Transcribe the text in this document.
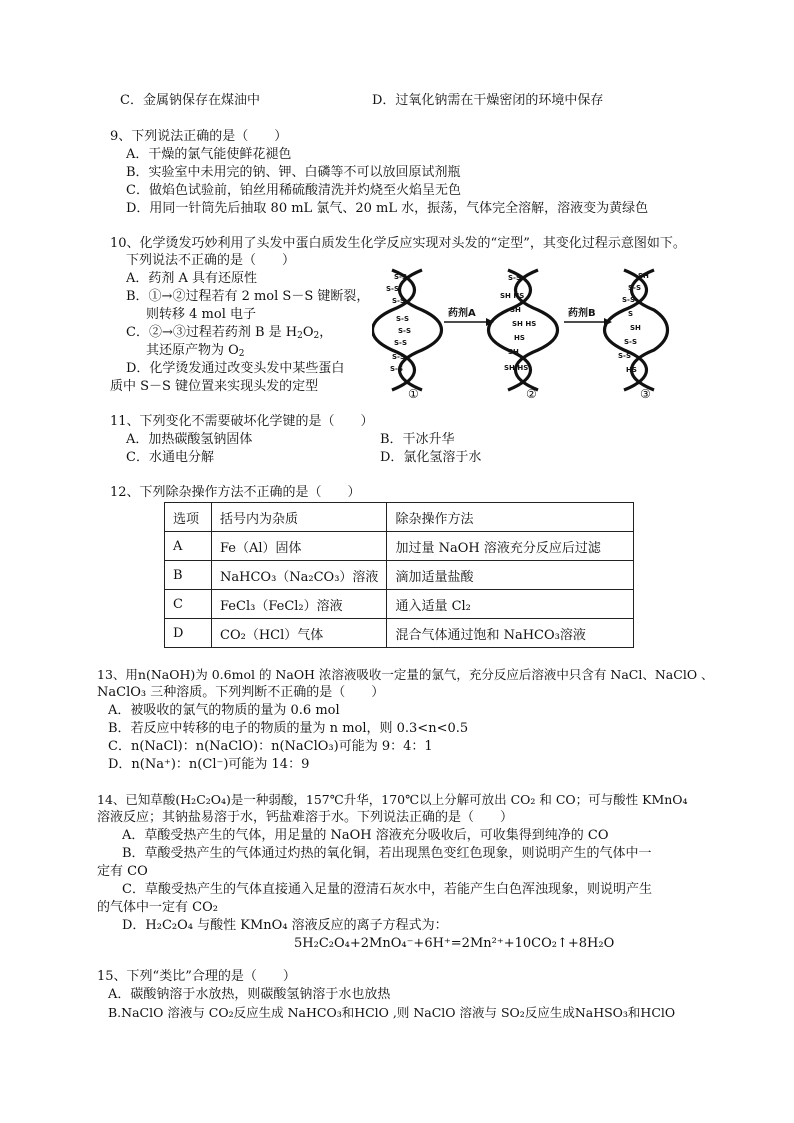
C．金属钠保存在煤油中	D．过氧化钠需在干燥密闭的环境中保存
9、下列说法正确的是（　　）
A．干燥的氯气能使鲜花褪色
B．实验室中未用完的钠、钾、白磷等不可以放回原试剂瓶
C．做焰色试验前，铂丝用稀硫酸清洗并灼烧至火焰呈无色
D．用同一针筒先后抽取 80 mL 氯气、20 mL 水，振荡，气体完全溶解，溶液变为黄绿色
10、化学烫发巧妙利用了头发中蛋白质发生化学反应实现对头发的“定型”，其变化过程示意图如下。
下列说法不正确的是（　　）
A．药剂 A 具有还原性
B．①→②过程若有 2 mol S－S 键断裂，
则转移 4 mol 电子
C．②→③过程若药剂 B 是 $H_2O_2$，
其还原产物为 $O_2$
D．化学烫发通过改变头发中某些蛋白
质中 S－S 键位置来实现头发的定型
S-S
S-S
S-S
S-S
S-S
S-S
S-S
S-S
①
药剂A
S-S
SH HS
SH
SH HS
HS
SH
SH HS
②
药剂B
SH
S-S
S-S
S
SH
S-S
S-S
HS
③
11、下列变化不需要破坏化学键的是（　　）
A．加热碳酸氢钠固体	B．干冰升华
C．水通电分解	D．氯化氢溶于水
12、下列除杂操作方法不正确的是（　　）
选项	括号内为杂质	除杂操作方法
A	Fe（Al）固体	加过量 NaOH 溶液充分反应后过滤
B	NaHCO₃（Na₂CO₃）溶液	滴加适量盐酸
C	FeCl₃（FeCl₂）溶液	通入适量 Cl₂
D	CO₂（HCl）气体	混合气体通过饱和 NaHCO₃溶液
13、用n(NaOH)为 0.6mol 的 NaOH 浓溶液吸收一定量的氯气，充分反应后溶液中只含有 NaCl、NaClO 、
NaClO₃ 三种溶质。下列判断不正确的是（　　）
A．被吸收的氯气的物质的量为 0.6 mol
B．若反应中转移的电子的物质的量为 n mol，则 0.3<n<0.5
C．n(NaCl)：n(NaClO)：n(NaClO₃)可能为 9：4：1
D．n(Na⁺)：n(Cl⁻)可能为 14：9
14、已知草酸(H₂C₂O₄)是一种弱酸，157℃升华，170℃以上分解可放出 CO₂ 和 CO；可与酸性 KMnO₄
溶液反应；其钠盐易溶于水，钙盐难溶于水。下列说法正确的是（　　）
A．草酸受热产生的气体，用足量的 NaOH 溶液充分吸收后，可收集得到纯净的 CO
B．草酸受热产生的气体通过灼热的氧化铜，若出现黑色变红色现象，则说明产生的气体中一
定有 CO
C．草酸受热产生的气体直接通入足量的澄清石灰水中，若能产生白色浑浊现象，则说明产生
的气体中一定有 CO₂
D．H₂C₂O₄ 与酸性 KMnO₄ 溶液反应的离子方程式为：
5H₂C₂O₄+2MnO₄⁻+6H⁺=2Mn²⁺+10CO₂↑+8H₂O
15、下列“类比”合理的是（　　）
A．碳酸钠溶于水放热，则碳酸氢钠溶于水也放热
B.NaClO 溶液与 CO₂反应生成 NaHCO₃和HClO ,则 NaClO 溶液与 SO₂反应生成NaHSO₃和HClO
